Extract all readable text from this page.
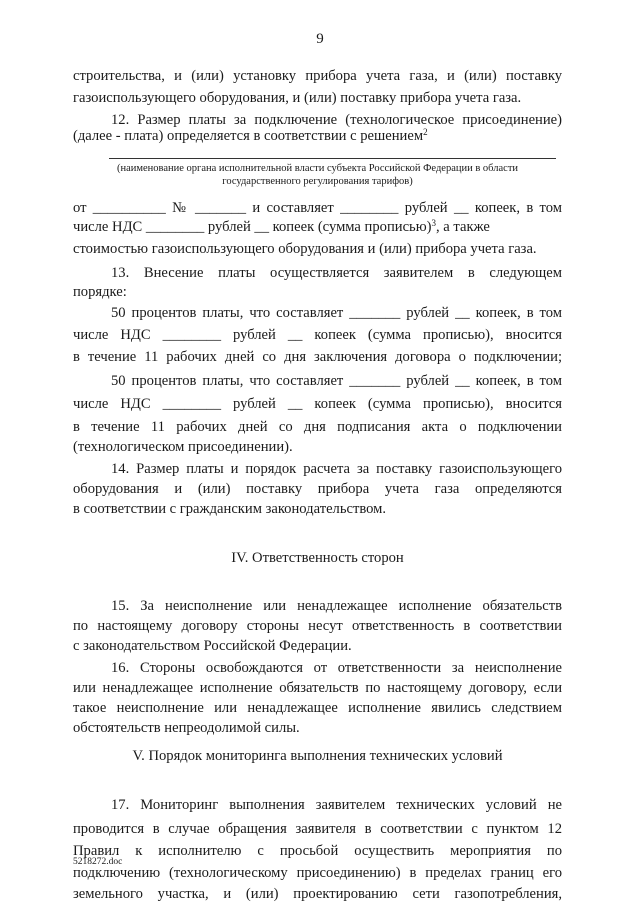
9
строительства, и (или) установку прибора учета газа, и (или) поставку
газоиспользующего оборудования, и (или) поставку прибора учета газа.
12. Размер платы за подключение (технологическое присоединение)
(далее - плата) определяется в соответствии с решением$^2$
(наименование органа исполнительной власти субъекта Российской Федерации в области
государственного регулирования тарифов)
от __________ № _______ и составляет ________ рублей __ копеек, в том
числе НДС ________ рублей __ копеек (сумма прописью)$^3$, а также
стоимостью газоиспользующего оборудования и (или) прибора учета газа.
13. Внесение платы осуществляется заявителем в следующем
порядке:
50 процентов платы, что составляет _______ рублей __ копеек, в том
числе НДС ________ рублей __ копеек (сумма прописью), вносится
в течение 11 рабочих дней со дня заключения договора о подключении;
50 процентов платы, что составляет _______ рублей __ копеек, в том
числе НДС ________ рублей __ копеек (сумма прописью), вносится
в течение 11 рабочих дней со дня подписания акта о подключении
(технологическом присоединении).
14. Размер платы и порядок расчета за поставку газоиспользующего
оборудования и (или) поставку прибора учета газа определяются
в соответствии с гражданским законодательством.
IV. Ответственность сторон
15. За неисполнение или ненадлежащее исполнение обязательств
по настоящему договору стороны несут ответственность в соответствии
с законодательством Российской Федерации.
16. Стороны освобождаются от ответственности за неисполнение
или ненадлежащее исполнение обязательств по настоящему договору, если
такое неисполнение или ненадлежащее исполнение явились следствием
обстоятельств непреодолимой силы.
V. Порядок мониторинга выполнения технических условий
17. Мониторинг выполнения заявителем технических условий не
проводится в случае обращения заявителя в соответствии с пунктом 12
Правил к исполнителю с просьбой осуществить мероприятия по
подключению (технологическому присоединению) в пределах границ его
земельного участка, и (или) проектированию сети газопотребления,
5218272.doc
